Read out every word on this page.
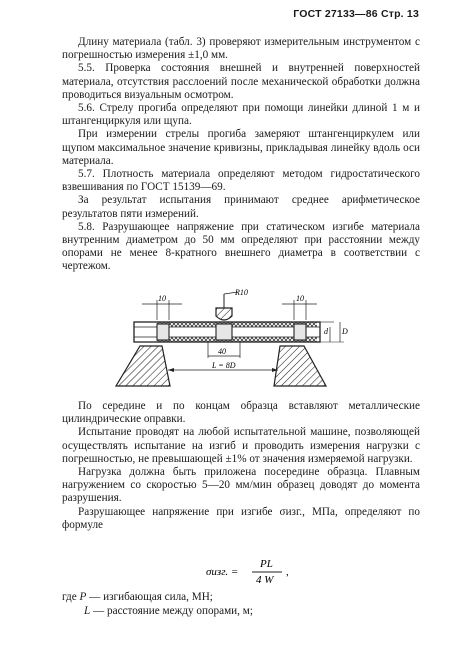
ГОСТ 27133—86 Стр. 13

Длину материала (табл. 3) проверяют измерительным инструментом с погрешностью измерения ±1,0 мм.

5.5. Проверка состояния внешней и внутренней поверхностей материала, отсутствия расслоений после механической обработки должна проводиться визуальным осмотром.

5.6. Стрелу прогиба определяют при помощи линейки длиной 1 м и штангенциркуля или щупа.

При измерении стрелы прогиба замеряют штангенциркулем или щупом максимальное значение кривизны, прикладывая линейку вдоль оси материала.

5.7. Плотность материала определяют методом гидростатического взвешивания по ГОСТ 15139—69.

За результат испытания принимают среднее арифметическое результатов пяти измерений.

5.8. Разрушающее напряжение при статическом изгибе материала внутренним диаметром до 50 мм определяют при расстоянии между опорами не менее 8-кратного внешнего диаметра в соответствии с чертежом.

R10
10	10
d D
40
L = 8D

По середине и по концам образца вставляют металлические цилиндрические оправки.

Испытание проводят на любой испытательной машине, позволяющей осуществлять испытание на изгиб и проводить измерения нагрузки с погрешностью, не превышающей ±1% от значения измеряемой нагрузки.

Нагрузка должна быть приложена посередине образца. Плавным нагружением со скоростью 5—20 мм/мин образец доводят до момента разрушения.

Разрушающее напряжение при изгибе σизг., МПа, определяют по формуле

σизг. =
PL
4 W
,
где P — изгибающая сила, МН;
L — расстояние между опорами, м;
